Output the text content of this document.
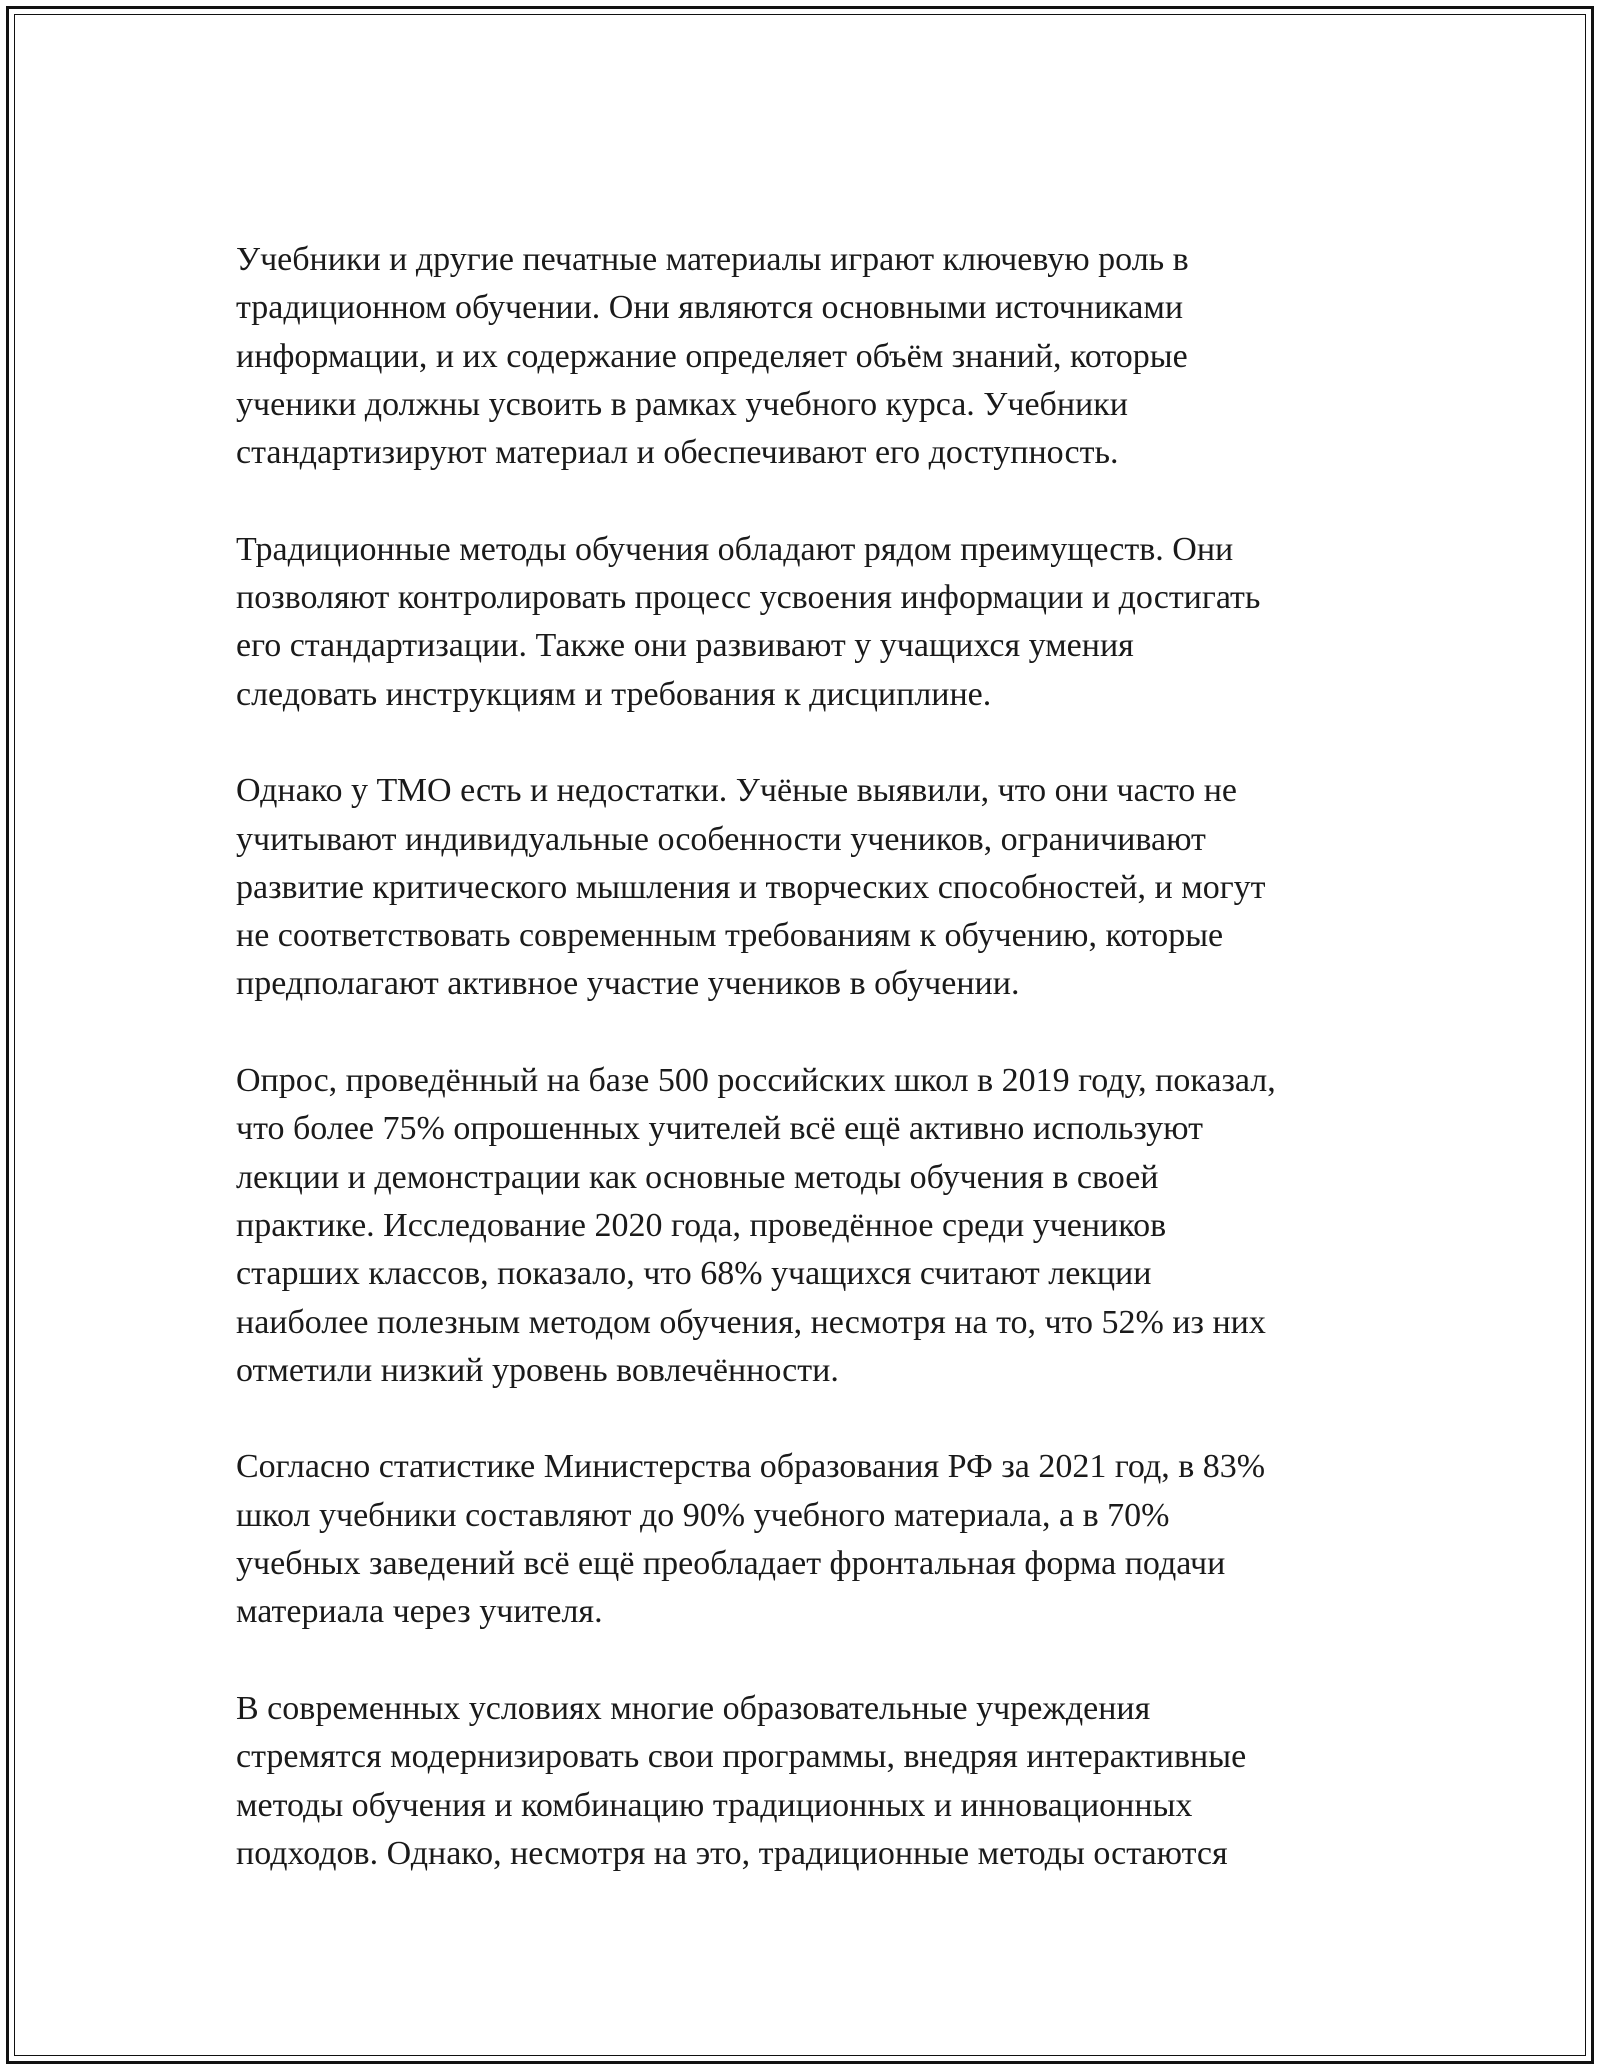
Учебники и другие печатные материалы играют ключевую роль в
традиционном обучении. Они являются основными источниками
информации, и их содержание определяет объём знаний, которые
ученики должны усвоить в рамках учебного курса. Учебники
стандартизируют материал и обеспечивают его доступность.

Традиционные методы обучения обладают рядом преимуществ. Они
позволяют контролировать процесс усвоения информации и достигать
его стандартизации. Также они развивают у учащихся умения
следовать инструкциям и требования к дисциплине.

Однако у ТМО есть и недостатки. Учёные выявили, что они часто не
учитывают индивидуальные особенности учеников, ограничивают
развитие критического мышления и творческих способностей, и могут
не соответствовать современным требованиям к обучению, которые
предполагают активное участие учеников в обучении.

Опрос, проведённый на базе 500 российских школ в 2019 году, показал,
что более 75% опрошенных учителей всё ещё активно используют
лекции и демонстрации как основные методы обучения в своей
практике. Исследование 2020 года, проведённое среди учеников
старших классов, показало, что 68% учащихся считают лекции
наиболее полезным методом обучения, несмотря на то, что 52% из них
отметили низкий уровень вовлечённости.

Согласно статистике Министерства образования РФ за 2021 год, в 83%
школ учебники составляют до 90% учебного материала, а в 70%
учебных заведений всё ещё преобладает фронтальная форма подачи
материала через учителя.

В современных условиях многие образовательные учреждения
стремятся модернизировать свои программы, внедряя интерактивные
методы обучения и комбинацию традиционных и инновационных
подходов. Однако, несмотря на это, традиционные методы остаются
